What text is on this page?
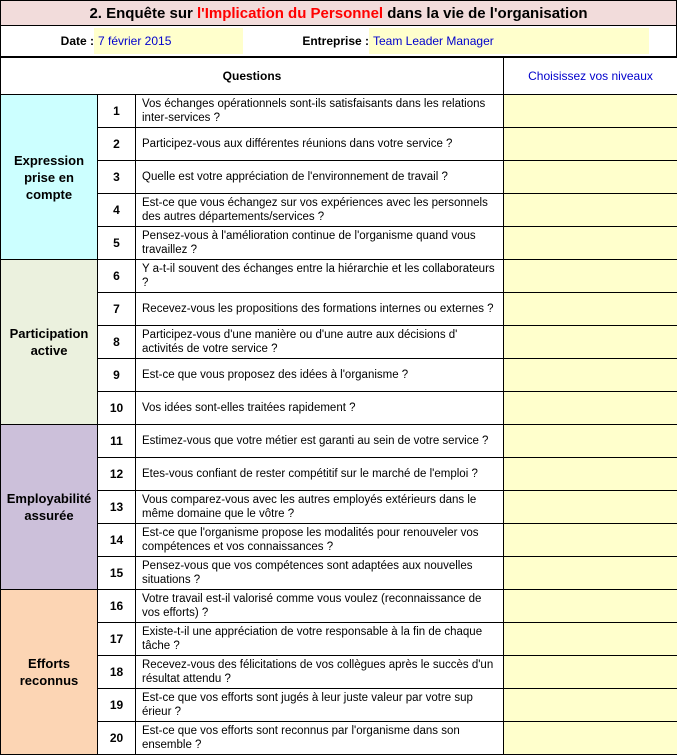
2. Enquête sur l'Implication du Personnel dans la vie de l'organisation
Date : 7 février 2015	Entreprise : Team Leader Manager
Questions			Choisissez vos niveaux
Expression prise en compte	1	Vos échanges opérationnels sont-ils satisfaisants dans les relations inter-services ?	
	2	Participez-vous aux différentes réunions dans votre service ?	
	3	Quelle est votre appréciation de l'environnement de travail ?	
	4	Est-ce que vous échangez sur vos expériences avec les personnels des autres départements/services ?	
	5	Pensez-vous à l'amélioration continue de l'organisme quand vous travaillez ?	
Participation active	6	Y a-t-il souvent des échanges entre la hiérarchie et les collaborateurs ?	
	7	Recevez-vous les propositions des formations internes ou externes ?	
	8	Participez-vous d'une manière ou d'une autre aux décisions d' activités de votre service ?	
	9	Est-ce que vous proposez des idées à l'organisme ?	
	10	Vos idées sont-elles traitées rapidement ?	
Employabilité assurée	11	Estimez-vous que votre métier est garanti au sein de votre service ?	
	12	Etes-vous confiant de rester compétitif sur le marché de l'emploi ?	
	13	Vous comparez-vous avec les autres employés extérieurs dans le même domaine que le vôtre ?	
	14	Est-ce que l'organisme propose les modalités pour renouveler vos compétences et vos connaissances ?	
	15	Pensez-vous que vos compétences sont adaptées aux nouvelles situations ?	
Efforts reconnus	16	Votre travail est-il valorisé comme vous voulez (reconnaissance de vos efforts) ?	
	17	Existe-t-il une appréciation de votre responsable à la fin de chaque tâche ?	
	18	Recevez-vous des félicitations de vos collègues après le succès d'un résultat attendu ?	
	19	Est-ce que vos efforts sont jugés à leur juste valeur par votre sup érieur ?	
	20	Est-ce que vos efforts sont reconnus par l'organisme dans son ensemble ?	
